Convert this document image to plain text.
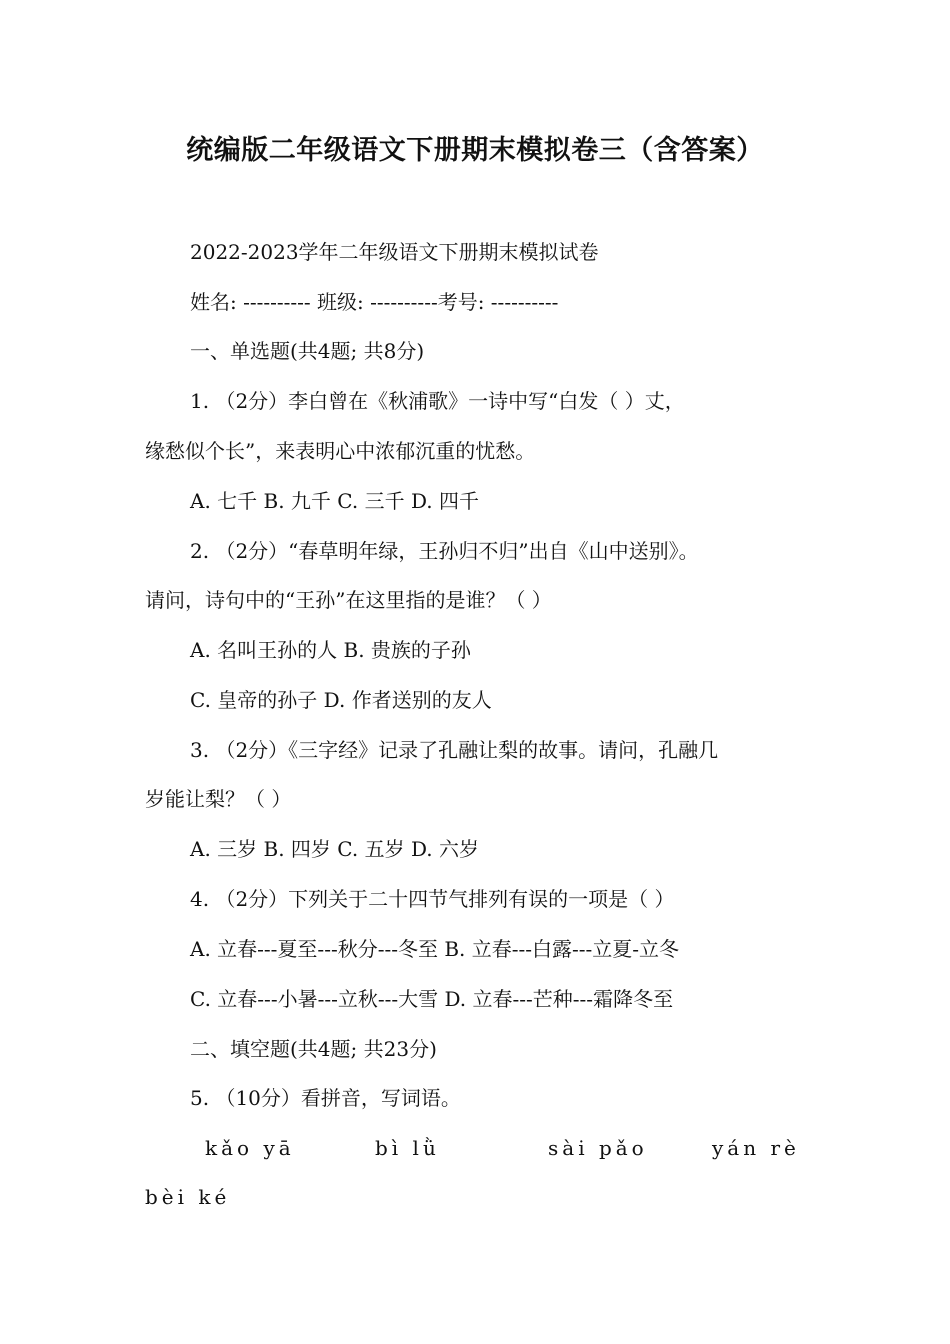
统编版二年级语文下册期末模拟卷三（含答案）
2022-2023学年二年级语文下册期末模拟试卷
姓名: ---------- 班级: ----------考号: ----------
一、单选题(共4题; 共8分)
1. （2分）李白曾在《秋浦歌》一诗中写“白发（ ）丈，
缘愁似个长”，来表明心中浓郁沉重的忧愁。
A. 七千 B. 九千 C. 三千 D. 四千
2. （2分）“春草明年绿，王孙归不归”出自《山中送别》。
请问，诗句中的“王孙”在这里指的是谁？（ ）
A. 名叫王孙的人 B. 贵族的子孙
C. 皇帝的孙子 D. 作者送别的友人
3. （2分）《三字经》记录了孔融让梨的故事。请问，孔融几
岁能让梨？（ ）
A. 三岁 B. 四岁 C. 五岁 D. 六岁
4. （2分）下列关于二十四节气排列有误的一项是（ ）
A. 立春---夏至---秋分---冬至 B. 立春---白露---立夏-立冬
C. 立春---小暑---立秋---大雪 D. 立春---芒种---霜降冬至
二、填空题(共4题; 共23分)
5. （10分）看拼音，写词语。
kǎo yā	bì lǜ	sài pǎo	yán rè
bèi ké
